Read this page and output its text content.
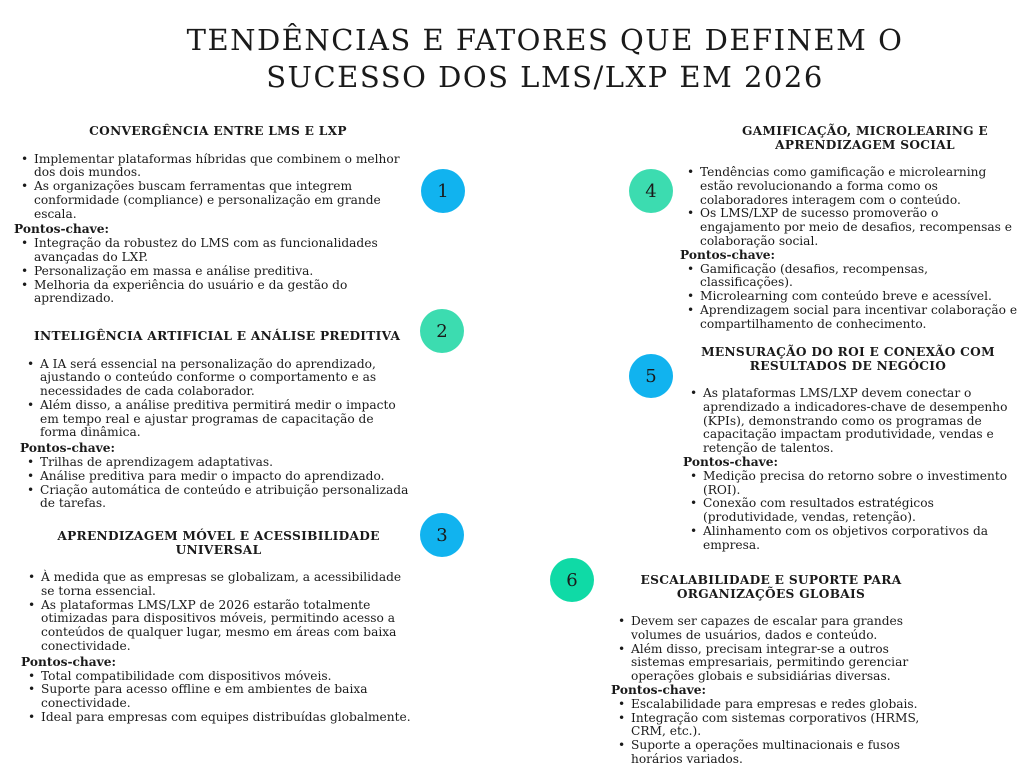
TENDÊNCIAS E FATORES QUE DEFINEM O SUCESSO DOS LMS/LXP EM 2026
CONVERGÊNCIA ENTRE LMS E LXP
• Implementar plataformas híbridas que combinem o melhor dos dois mundos.
• As organizações buscam ferramentas que integrem conformidade (compliance) e personalização em grande escala.
Pontos-chave:
• Integração da robustez do LMS com as funcionalidades avançadas do LXP.
• Personalização em massa e análise preditiva.
• Melhoria da experiência do usuário e da gestão do aprendizado.
1
INTELIGÊNCIA ARTIFICIAL E ANÁLISE PREDITIVA
• A IA será essencial na personalização do aprendizado, ajustando o conteúdo conforme o comportamento e as necessidades de cada colaborador.
• Além disso, a análise preditiva permitirá medir o impacto em tempo real e ajustar programas de capacitação de forma dinâmica.
Pontos-chave:
• Trilhas de aprendizagem adaptativas.
• Análise preditiva para medir o impacto do aprendizado.
• Criação automática de conteúdo e atribuição personalizada de tarefas.
2
APRENDIZAGEM MÓVEL E ACESSIBILIDADE UNIVERSAL
• À medida que as empresas se globalizam, a acessibilidade se torna essencial.
• As plataformas LMS/LXP de 2026 estarão totalmente otimizadas para dispositivos móveis, permitindo acesso a conteúdos de qualquer lugar, mesmo em áreas com baixa conectividade.
Pontos-chave:
• Total compatibilidade com dispositivos móveis.
• Suporte para acesso offline e em ambientes de baixa conectividade.
• Ideal para empresas com equipes distribuídas globalmente.
3
4
GAMIFICAÇÃO, MICROLEARING E APRENDIZAGEM SOCIAL
• Tendências como gamificação e microlearning estão revolucionando a forma como os colaboradores interagem com o conteúdo.
• Os LMS/LXP de sucesso promoverão o engajamento por meio de desafios, recompensas e colaboração social.
Pontos-chave:
• Gamificação (desafios, recompensas, classificações).
• Microlearning com conteúdo breve e acessível.
• Aprendizagem social para incentivar colaboração e compartilhamento de conhecimento.
5
MENSURAÇÃO DO ROI E CONEXÃO COM RESULTADOS DE NEGÓCIO
• As plataformas LMS/LXP devem conectar o aprendizado a indicadores-chave de desempenho (KPIs), demonstrando como os programas de capacitação impactam produtividade, vendas e retenção de talentos.
Pontos-chave:
• Medição precisa do retorno sobre o investimento (ROI).
• Conexão com resultados estratégicos (produtividade, vendas, retenção).
• Alinhamento com os objetivos corporativos da empresa.
6	ESCALABILIDADE E SUPORTE PARA ORGANIZAÇÕES GLOBAIS
• Devem ser capazes de escalar para grandes volumes de usuários, dados e conteúdo.
• Além disso, precisam integrar-se a outros sistemas empresariais, permitindo gerenciar operações globais e subsidiárias diversas.
Pontos-chave:
• Escalabilidade para empresas e redes globais.
• Integração com sistemas corporativos (HRMS, CRM, etc.).
• Suporte a operações multinacionais e fusos horários variados.
